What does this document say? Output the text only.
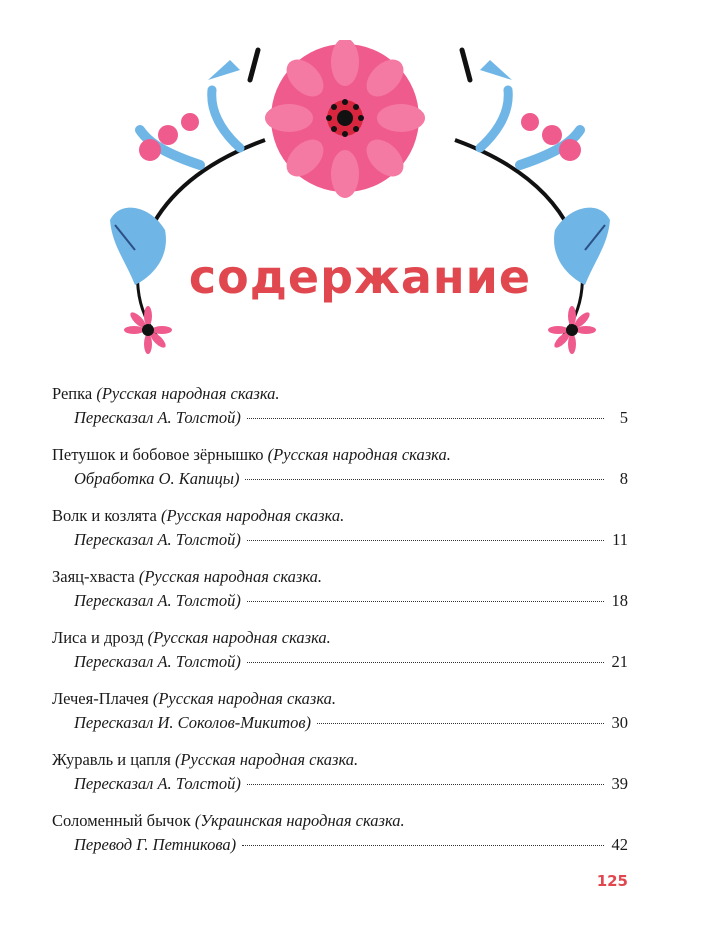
содержание
Репка (Русская народная сказка.
Пересказал А. Толстой)	5
Петушок и бобовое зёрнышко (Русская народная сказка.
Обработка О. Капицы)	8
Волк и козлята (Русская народная сказка.
Пересказал А. Толстой)	11
Заяц-хваста (Русская народная сказка.
Пересказал А. Толстой)	18
Лиса и дрозд (Русская народная сказка.
Пересказал А. Толстой)	21
Лечея-Плачея (Русская народная сказка.
Пересказал И. Соколов-Микитов)	30
Журавль и цапля (Русская народная сказка.
Пересказал А. Толстой)	39
Соломенный бычок (Украинская народная сказка.
Перевод Г. Петникова)	42
125
